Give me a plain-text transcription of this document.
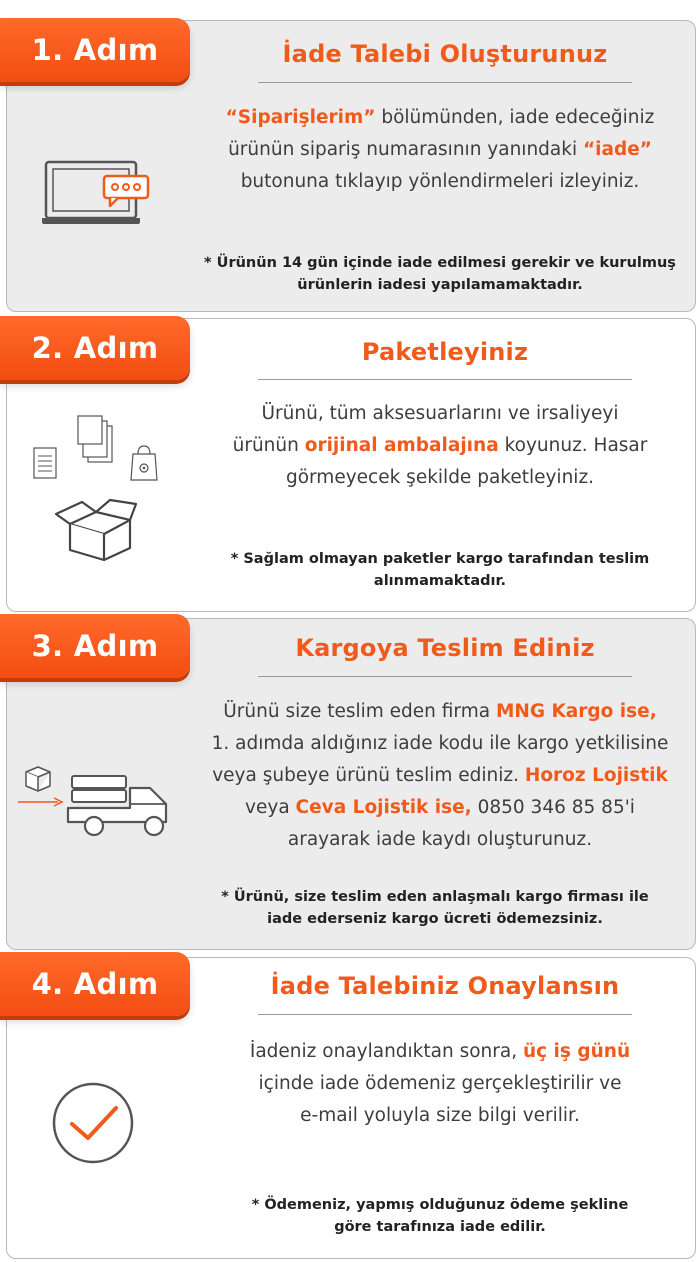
1. Adım	İade Talebi Oluşturunuz
“Siparişlerim” bölümünden, iade edeceğiniz
ürünün sipariş numarasının yanındaki “iade”
butonuna tıklayıp yönlendirmeleri izleyiniz.
* Ürünün 14 gün içinde iade edilmesi gerekir ve kurulmuş
ürünlerin iadesi yapılamamaktadır.
2. Adım	Paketleyiniz
Ürünü, tüm aksesuarlarını ve irsaliyeyi
ürünün orijinal ambalajına koyunuz. Hasar
görmeyecek şekilde paketleyiniz.
* Sağlam olmayan paketler kargo tarafından teslim
alınmamaktadır.
3. Adım	Kargoya Teslim Ediniz
Ürünü size teslim eden firma MNG Kargo ise,
1. adımda aldığınız iade kodu ile kargo yetkilisine
veya şubeye ürünü teslim ediniz. Horoz Lojistik
veya Ceva Lojistik ise, 0850 346 85 85'i
arayarak iade kaydı oluşturunuz.
* Ürünü, size teslim eden anlaşmalı kargo firması ile
iade ederseniz kargo ücreti ödemezsiniz.
4. Adım	İade Talebiniz Onaylansın
İadeniz onaylandıktan sonra, üç iş günü
içinde iade ödemeniz gerçekleştirilir ve
e-mail yoluyla size bilgi verilir.
* Ödemeniz, yapmış olduğunuz ödeme şekline
göre tarafınıza iade edilir.
